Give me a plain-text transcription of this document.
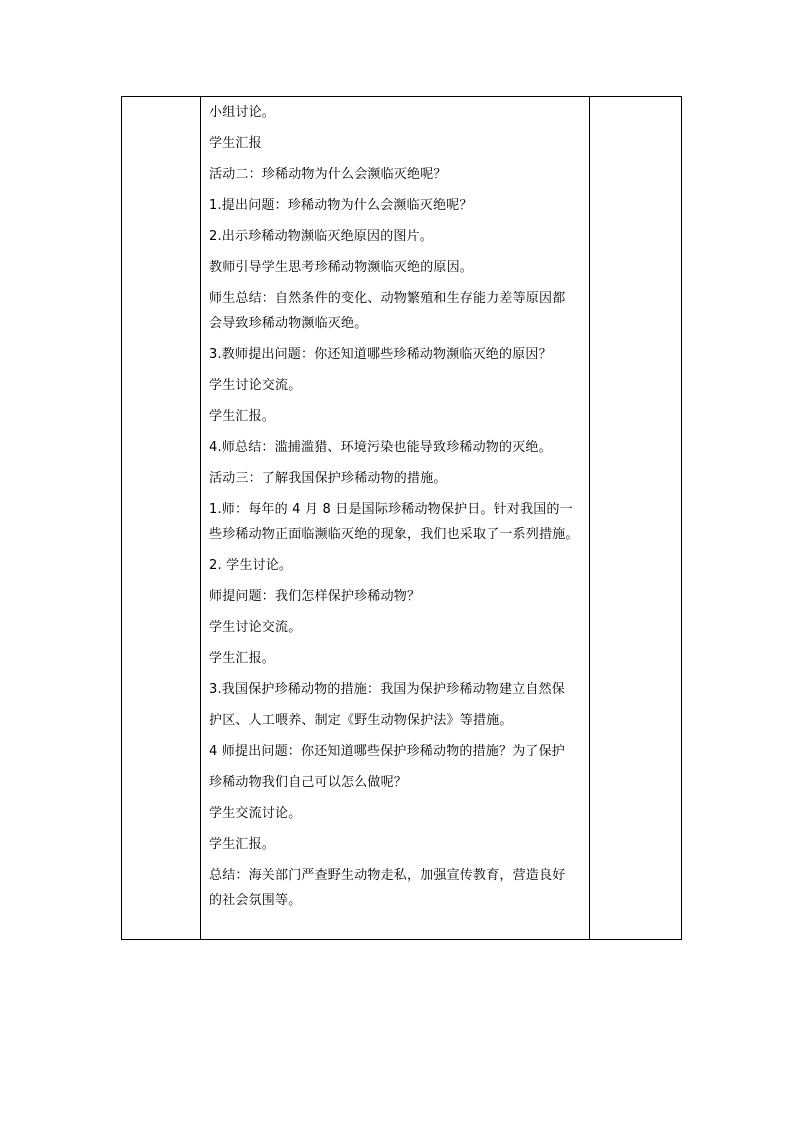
小组讨论。
学生汇报
活动二：珍稀动物为什么会濒临灭绝呢？
1.提出问题：珍稀动物为什么会濒临灭绝呢？
2.出示珍稀动物濒临灭绝原因的图片。
教师引导学生思考珍稀动物濒临灭绝的原因。
师生总结：自然条件的变化、动物繁殖和生存能力差等原因都
会导致珍稀动物濒临灭绝。
3.教师提出问题：你还知道哪些珍稀动物濒临灭绝的原因？
学生讨论交流。
学生汇报。
4.师总结：滥捕滥猎、环境污染也能导致珍稀动物的灭绝。
活动三：了解我国保护珍稀动物的措施。
1.师：每年的 4 月 8 日是国际珍稀动物保护日。针对我国的一
些珍稀动物正面临濒临灭绝的现象，我们也采取了一系列措施。
2. 学生讨论。
师提问题：我们怎样保护珍稀动物？
学生讨论交流。
学生汇报。
3.我国保护珍稀动物的措施：我国为保护珍稀动物建立自然保
护区、人工喂养、制定《野生动物保护法》等措施。
4 师提出问题：你还知道哪些保护珍稀动物的措施？为了保护
珍稀动物我们自己可以怎么做呢？
学生交流讨论。
学生汇报。
总结：海关部门严查野生动物走私，加强宣传教育，营造良好
的社会氛围等。
